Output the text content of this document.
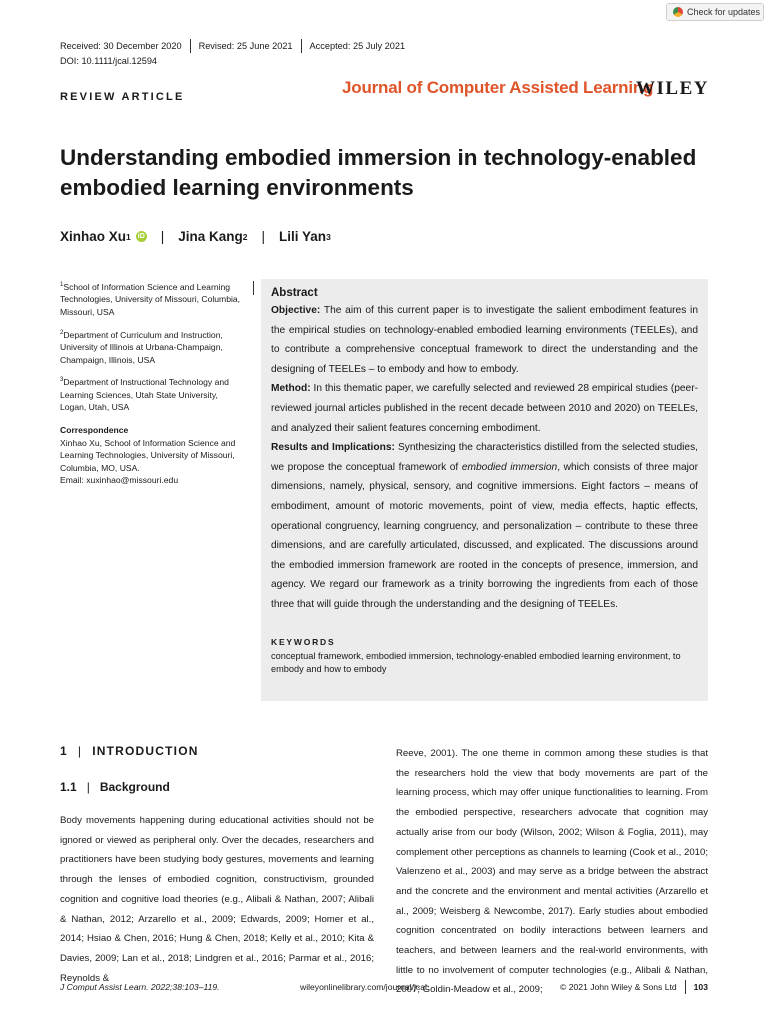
Check for updates
Received: 30 December 2020 Revised: 25 June 2021 Accepted: 25 July 2021
DOI: 10.1111/jcal.12594
REVIEW ARTICLE	Journal of Computer Assisted Learning
WILEY
Understanding embodied immersion in technology-enabled embodied learning environments
Xinhao Xu 1 iD | Jina Kang 2 | Lili Yan 3

$^1$School of Information Science and Learning Technologies, University of Missouri, Columbia, Missouri, USA

$^2$Department of Curriculum and Instruction, University of Illinois at Urbana-Champaign, Champaign, Illinois, USA

$^3$Department of Instructional Technology and Learning Sciences, Utah State University, Logan, Utah, USA

Correspondence
Xinhao Xu, School of Information Science and Learning Technologies, University of Missouri, Columbia, MO, USA.
Email: xuxinhao@missouri.edu
Abstract
Objective: The aim of this current paper is to investigate the salient embodiment features in the empirical studies on technology-enabled embodied learning environments (TEELEs), and to contribute a comprehensive conceptual framework to direct the understanding and the designing of TEELEs – to embody and how to embody.
Method: In this thematic paper, we carefully selected and reviewed 28 empirical studies (peer-reviewed journal articles published in the recent decade between 2010 and 2020) on TEELEs, and analyzed their salient features concerning embodiment.
Results and Implications: Synthesizing the characteristics distilled from the selected studies, we propose the conceptual framework of embodied immersion, which consists of three major dimensions, namely, physical, sensory, and cognitive immersions. Eight factors – means of embodiment, amount of motoric movements, point of view, media effects, haptic effects, operational congruency, learning congruency, and personalization – contribute to these three dimensions, and are carefully articulated, discussed, and explicated. The discussions around the embodied immersion framework are rooted in the concepts of presence, immersion, and agency. We regard our framework as a trinity borrowing the ingredients from each of those three that will guide through the understanding and the designing of TEELEs.
KEYWORDS
conceptual framework, embodied immersion, technology-enabled embodied learning environment, to embody and how to embody
1 | INTRODUCTION
1.1 | Background
Body movements happening during educational activities should not be ignored or viewed as peripheral only. Over the decades, researchers and practitioners have been studying body gestures, movements and learning through the lenses of embodied cognition, constructivism, grounded cognition and cognitive load theories (e.g., Alibali & Nathan, 2007; Alibali & Nathan, 2012; Arzarello et al., 2009; Edwards, 2009; Homer et al., 2014; Hsiao & Chen, 2016; Hung & Chen, 2018; Kelly et al., 2010; Kita & Davies, 2009; Lan et al., 2018; Lindgren et al., 2016; Parmar et al., 2016; Reynolds &
Reeve, 2001). The one theme in common among these studies is that the researchers hold the view that body movements are part of the learning process, which may offer unique functionalities to learning. From the embodied perspective, researchers advocate that cognition may actually arise from our body (Wilson, 2002; Wilson & Foglia, 2011), may complement other perceptions as channels to learning (Cook et al., 2010; Valenzeno et al., 2003) and may serve as a bridge between the abstract and the concrete and the environment and mental activities (Arzarello et al., 2009; Weisberg & Newcombe, 2017). Early studies about embodied cognition concentrated on bodily interactions between learners and teachers, and between learners and the real-world environments, with little to no involvement of computer technologies (e.g., Alibali & Nathan, 2007; Goldin-Meadow et al., 2009;
J Comput Assist Learn. 2022;38:103–119.	wileyonlinelibrary.com/journal/jcal	© 2021 John Wiley & Sons Ltd 103
